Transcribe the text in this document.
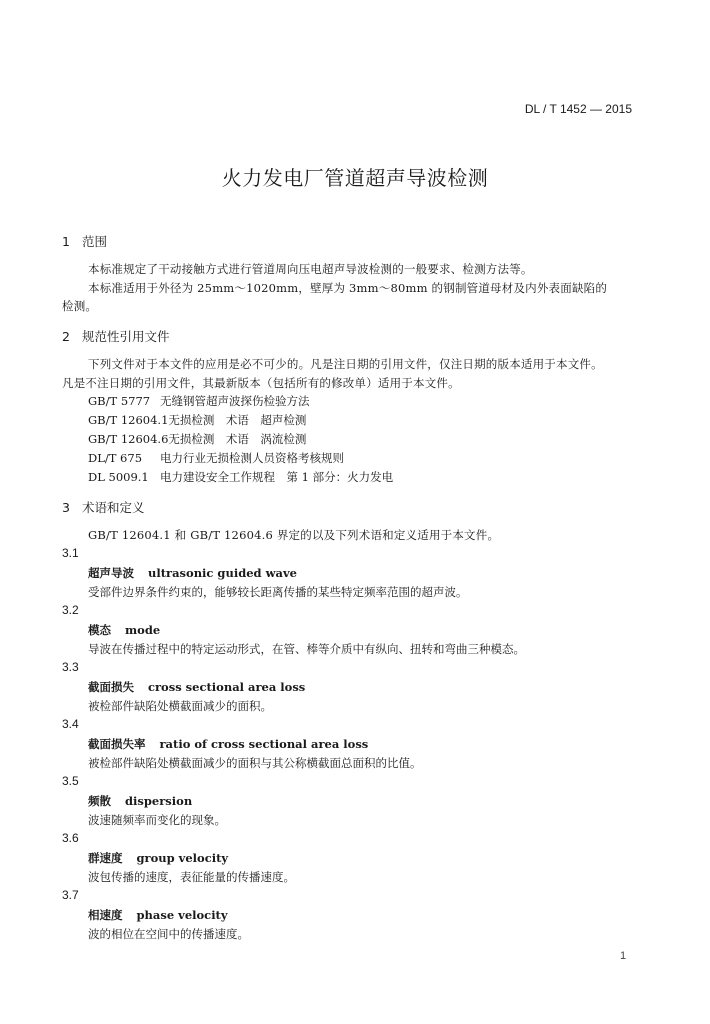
DL / T 1452 — 2015
火力发电厂管道超声导波检测
1 范围
本标准规定了干动接触方式进行管道周向压电超声导波检测的一般要求、检测方法等。
本标准适用于外径为 25mm～1020mm，壁厚为 3mm～80mm 的钢制管道母材及内外表面缺陷的
检测。
2 规范性引用文件
下列文件对于本文件的应用是必不可少的。凡是注日期的引用文件，仅注日期的版本适用于本文件。
凡是不注日期的引用文件，其最新版本（包括所有的修改单）适用于本文件。
GB/T 5777 无缝钢管超声波探伤检验方法
GB/T 12604.1无损检测　术语　超声检测
GB/T 12604.6无损检测　术语　涡流检测
DL/T 675 电力行业无损检测人员资格考核规则
DL 5009.1 电力建设安全工作规程　第 1 部分：火力发电
3 术语和定义
GB/T 12604.1 和 GB/T 12604.6 界定的以及下列术语和定义适用于本文件。
3.1
超声导波 ultrasonic guided wave
受部件边界条件约束的，能够较长距离传播的某些特定频率范围的超声波。
3.2
模态 mode
导波在传播过程中的特定运动形式，在管、棒等介质中有纵向、扭转和弯曲三种模态。
3.3
截面损失 cross sectional area loss
被检部件缺陷处横截面减少的面积。
3.4
截面损失率 ratio of cross sectional area loss
被检部件缺陷处横截面减少的面积与其公称横截面总面积的比值。
3.5
频散 dispersion
波速随频率而变化的现象。
3.6
群速度 group velocity
波包传播的速度，表征能量的传播速度。
3.7
相速度 phase velocity
波的相位在空间中的传播速度。
1
